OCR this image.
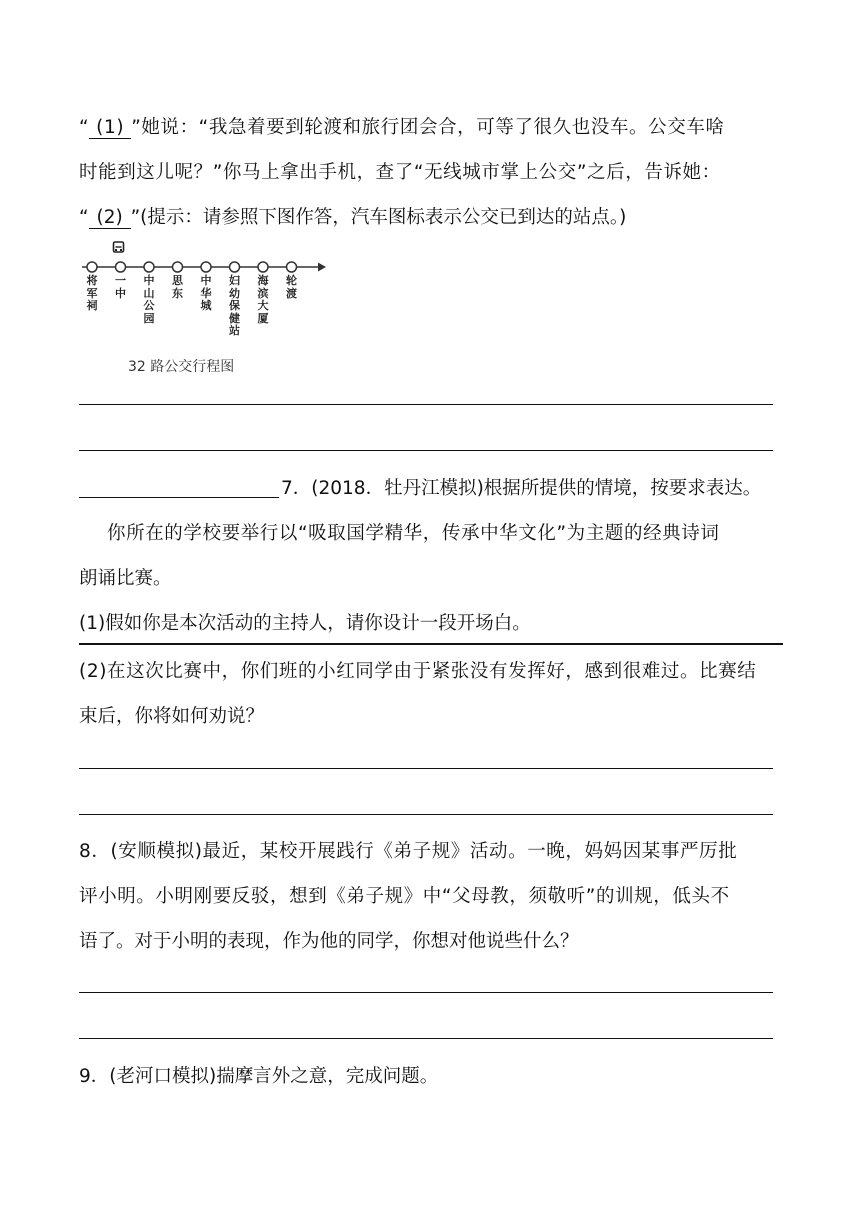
“ (1) ”她说：“我急着要到轮渡和旅行团会合，可等了很久也没车。公交车啥
时能到这儿呢？”你马上拿出手机，查了“无线城市掌上公交”之后，告诉她：
“ (2) ”(提示：请参照下图作答，汽车图标表示公交已到达的站点。)
将
军
祠
一
中
中
山
公
园
思
东
中
华
城
妇
幼
保
健
站
海
滨
大
厦
轮
渡
32 路公交行程图
7．(2018．牡丹江模拟)根据所提供的情境，按要求表达。
你所在的学校要举行以“吸取国学精华，传承中华文化”为主题的经典诗词
朗诵比赛。
(1)假如你是本次活动的主持人，请你设计一段开场白。
(2)在这次比赛中，你们班的小红同学由于紧张没有发挥好，感到很难过。比赛结
束后，你将如何劝说？
8．(安顺模拟)最近，某校开展践行《弟子规》活动。一晚，妈妈因某事严厉批
评小明。小明刚要反驳，想到《弟子规》中“父母教，须敬听”的训规，低头不
语了。对于小明的表现，作为他的同学，你想对他说些什么？
9．(老河口模拟)揣摩言外之意，完成问题。
